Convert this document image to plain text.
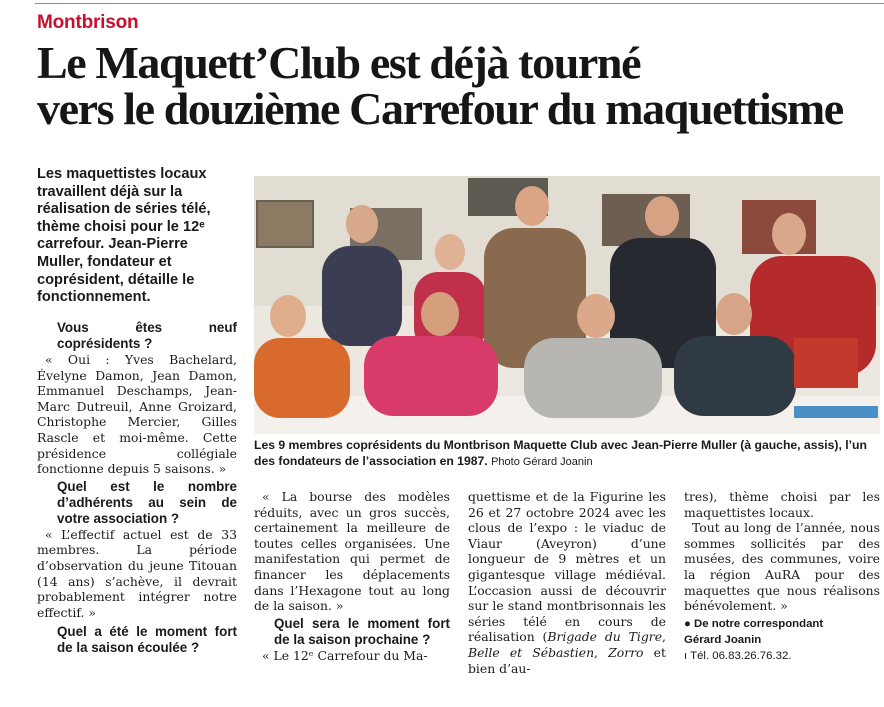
Montbrison
Le Maquett’Club est déjà tourné
vers le douzième Carrefour du maquettisme
Les maquettistes locaux travaillent déjà sur la réalisation de séries télé, thème choisi pour le 12ᵉ carrefour. Jean-Pierre Muller, fondateur et coprésident, détaille le fonctionnement.

Vous êtes neuf coprésidents ?

« Oui : Yves Bachelard, Évelyne Damon, Jean Damon, Emmanuel Deschamps, Jean-Marc Dutreuil, Anne Groizard, Christophe Mercier, Gilles Rascle et moi-même. Cette présidence collégiale fonctionne depuis 5 saisons. »

Quel est le nombre d’adhérents au sein de votre association ?

« L’effectif actuel est de 33 membres. La période d’observation du jeune Titouan (14 ans) s’achève, il devrait probablement intégrer notre effectif. »

Quel a été le moment fort de la saison écoulée ?

Les 9 membres coprésidents du Montbrison Maquette Club avec Jean-Pierre Muller (à gauche, assis), l’un des fondateurs de l’association en 1987. Photo Gérard Joanin

« La bourse des modèles réduits, avec un gros succès, certainement la meilleure de toutes celles organisées. Une manifestation qui permet de financer les déplacements dans l’Hexagone tout au long de la saison. »

Quel sera le moment fort de la saison prochaine ?

« Le 12ᵉ Carrefour du Ma-

quettisme et de la Figurine les 26 et 27 octobre 2024 avec les clous de l’expo : le viaduc de Viaur (Aveyron) d’une longueur de 9 mètres et un gigantesque village médiéval. L’occasion aussi de découvrir sur le stand montbrisonnais les séries télé en cours de réalisation (Brigade du Tigre, Belle et Sébastien, Zorro et bien d’au-

tres), thème choisi par les maquettistes locaux.

Tout au long de l’année, nous sommes sollicités par des musées, des communes, voire la région AuRA pour des maquettes que nous réalisons bénévolement. »

● De notre correspondant
Gérard Joanin
ı Tél. 06.83.26.76.32.
